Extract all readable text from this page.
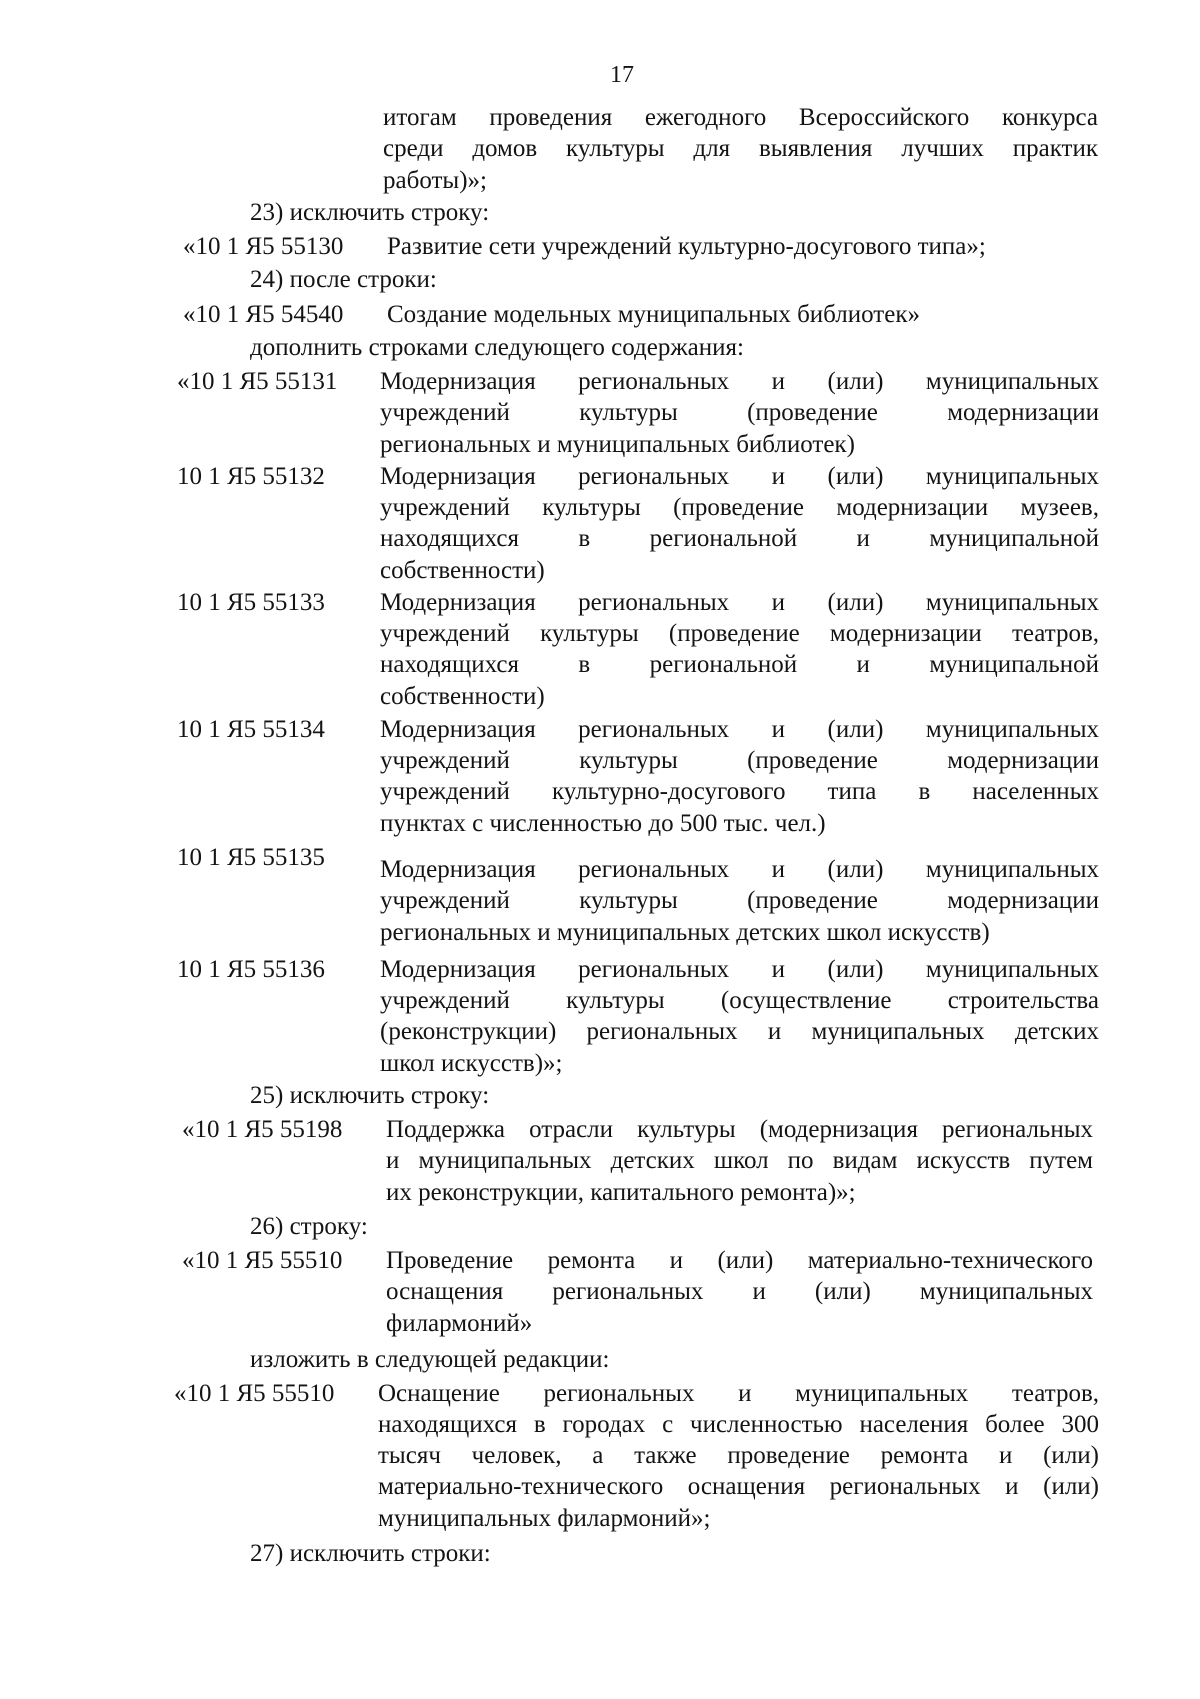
17
итогам проведения ежегодного Всероссийского конкурса
среди домов культуры для выявления лучших практик
работы)»;
23) исключить строку:
«10 1 Я5 55130 Развитие сети учреждений культурно-досугового типа»;
24) после строки:
«10 1 Я5 54540 Создание модельных муниципальных библиотек»
дополнить строками следующего содержания:
«10 1 Я5 55131 Модернизация региональных и (или) муниципальных
учреждений культуры (проведение модернизации
региональных и муниципальных библиотек)
10 1 Я5 55132 Модернизация региональных и (или) муниципальных
учреждений культуры (проведение модернизации музеев,
находящихся в региональной и муниципальной
собственности)
10 1 Я5 55133 Модернизация региональных и (или) муниципальных
учреждений культуры (проведение модернизации театров,
находящихся в региональной и муниципальной
собственности)
10 1 Я5 55134 Модернизация региональных и (или) муниципальных
учреждений культуры (проведение модернизации
учреждений культурно-досугового типа в населенных
пунктах с численностью до 500 тыс. чел.)
10 1 Я5 55135 Модернизация региональных и (или) муниципальных
учреждений культуры (проведение модернизации
региональных и муниципальных детских школ искусств)
10 1 Я5 55136 Модернизация региональных и (или) муниципальных
учреждений культуры (осуществление строительства
(реконструкции) региональных и муниципальных детских
школ искусств)»;
25) исключить строку:
«10 1 Я5 55198 Поддержка отрасли культуры (модернизация региональных
и муниципальных детских школ по видам искусств путем
их реконструкции, капитального ремонта)»;
26) строку:
«10 1 Я5 55510 Проведение ремонта и (или) материально-технического
оснащения региональных и (или) муниципальных
филармоний»
изложить в следующей редакции:
«10 1 Я5 55510 Оснащение региональных и муниципальных театров,
находящихся в городах с численностью населения более 300
тысяч человек, а также проведение ремонта и (или)
материально-технического оснащения региональных и (или)
муниципальных филармоний»;
27) исключить строки:
